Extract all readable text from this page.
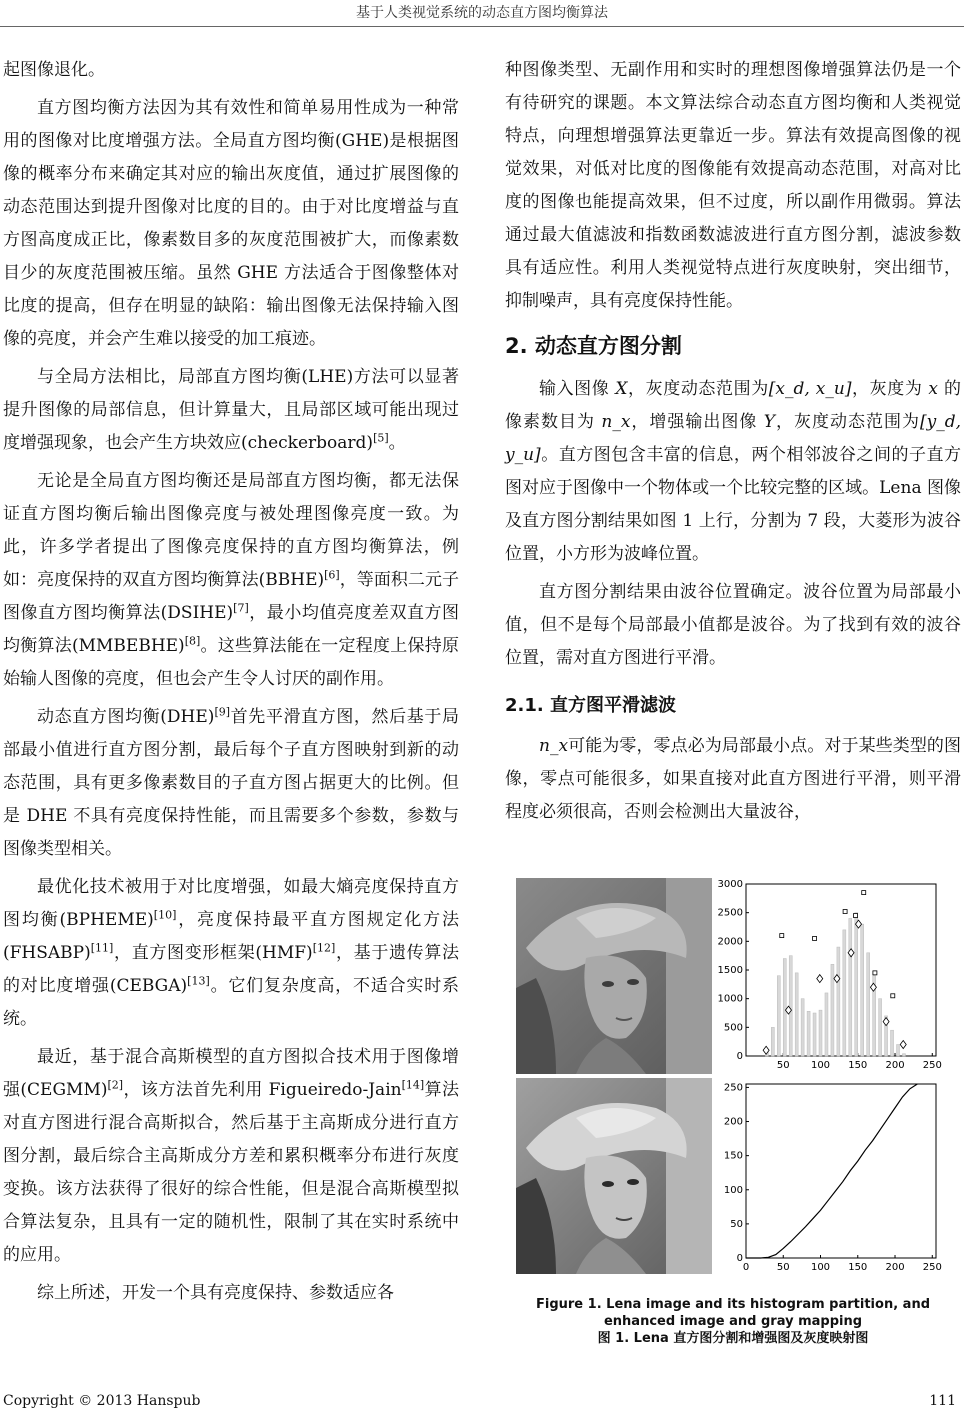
基于人类视觉系统的动态直方图均衡算法

起图像退化。

直方图均衡方法因为其有效性和简单易用性成为一种常用的图像对比度增强方法。全局直方图均衡(GHE)是根据图像的概率分布来确定其对应的输出灰度值，通过扩展图像的动态范围达到提升图像对比度的目的。由于对比度增益与直方图高度成正比，像素数目多的灰度范围被扩大，而像素数目少的灰度范围被压缩。虽然 GHE 方法适合于图像整体对比度的提高，但存在明显的缺陷：输出图像无法保持输入图像的亮度，并会产生难以接受的加工痕迹。

与全局方法相比，局部直方图均衡(LHE)方法可以显著提升图像的局部信息，但计算量大，且局部区域可能出现过度增强现象，也会产生方块效应(checkerboard)[5]。

无论是全局直方图均衡还是局部直方图均衡，都无法保证直方图均衡后输出图像亮度与被处理图像亮度一致。为此，许多学者提出了图像亮度保持的直方图均衡算法，例如：亮度保持的双直方图均衡算法(BBHE)[6]，等面积二元子图像直方图均衡算法(DSIHE)[7]，最小均值亮度差双直方图均衡算法(MMBEBHE)[8]。这些算法能在一定程度上保持原始输人图像的亮度，但也会产生令人讨厌的副作用。

动态直方图均衡(DHE)[9]首先平滑直方图，然后基于局部最小值进行直方图分割，最后每个子直方图映射到新的动态范围，具有更多像素数目的子直方图占据更大的比例。但是 DHE 不具有亮度保持性能，而且需要多个参数，参数与图像类型相关。

最优化技术被用于对比度增强，如最大熵亮度保持直方图均衡(BPHEME)[10]，亮度保持最平直方图规定化方法(FHSABP)[11]，直方图变形框架(HMF)[12]，基于遗传算法的对比度增强(CEBGA)[13]。它们复杂度高，不适合实时系统。

最近，基于混合高斯模型的直方图拟合技术用于图像增强(CEGMM)[2]，该方法首先利用 Figueiredo-Jain[14]算法对直方图进行混合高斯拟合，然后基于主高斯成分进行直方图分割，最后综合主高斯成分方差和累积概率分布进行灰度变换。该方法获得了很好的综合性能，但是混合高斯模型拟合算法复杂，且具有一定的随机性，限制了其在实时系统中的应用。

综上所述，开发一个具有亮度保持、参数适应各

种图像类型、无副作用和实时的理想图像增强算法仍是一个有待研究的课题。本文算法综合动态直方图均衡和人类视觉特点，向理想增强算法更靠近一步。算法有效提高图像的视觉效果，对低对比度的图像能有效提高动态范围，对高对比度的图像也能提高效果，但不过度，所以副作用微弱。算法通过最大值滤波和指数函数滤波进行直方图分割，滤波参数具有适应性。利用人类视觉特点进行灰度映射，突出细节，抑制噪声，具有亮度保持性能。

2. 动态直方图分割

输入图像 X，灰度动态范围为[x_d, x_u]，灰度为 x 的像素数目为 n_x，增强输出图像 Y，灰度动态范围为[y_d, y_u]。直方图包含丰富的信息，两个相邻波谷之间的子直方图对应于图像中一个物体或一个比较完整的区域。Lena 图像及直方图分割结果如图 1 上行，分割为 7 段，大菱形为波谷位置，小方形为波峰位置。

直方图分割结果由波谷位置确定。波谷位置为局部最小值，但不是每个局部最小值都是波谷。为了找到有效的波谷位置，需对直方图进行平滑。

2.1. 直方图平滑滤波

n_x可能为零，零点必为局部最小点。对于某些类型的图像，零点可能很多，如果直接对此直方图进行平滑，则平滑程度必须很高，否则会检测出大量波谷，

50 100 150 200 250
0
500
1000
1500
2000
2500
3000
0	50 100 150 200 250
0
50
100
150
200
250
Figure 1. Lena image and its histogram partition, and enhanced image and gray mapping
图 1. Lena 直方图分割和增强图及灰度映射图
Copyright © 2013 Hanspub	111
